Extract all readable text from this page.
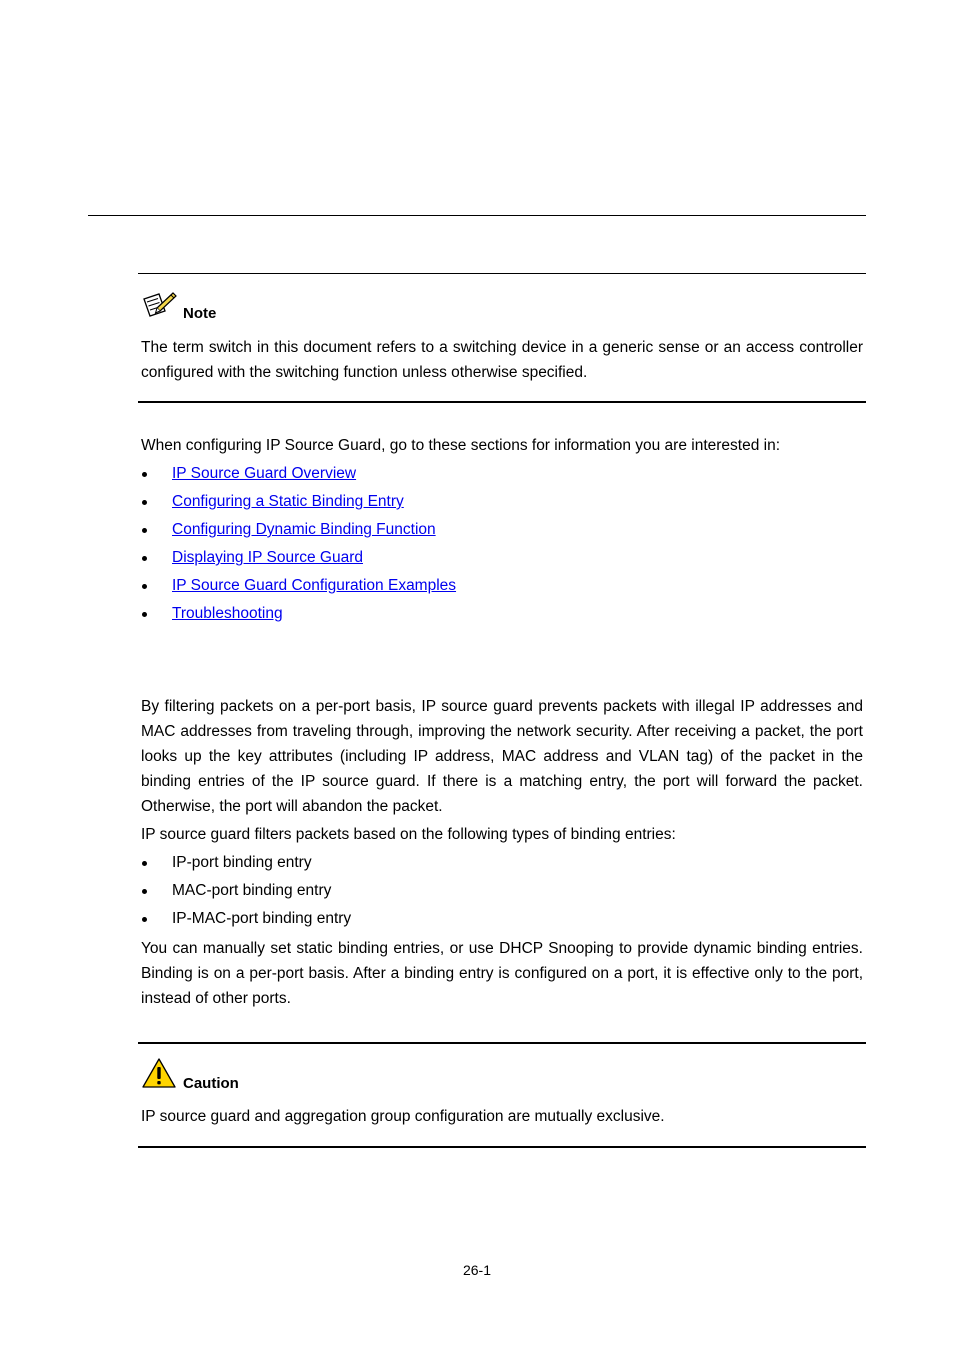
Note

The term switch in this document refers to a switching device in a generic sense or an access controller configured with the switching function unless otherwise specified.

When configuring IP Source Guard, go to these sections for information you are interested in:

IP Source Guard Overview
Configuring a Static Binding Entry
Configuring Dynamic Binding Function
Displaying IP Source Guard
IP Source Guard Configuration Examples
Troubleshooting

By filtering packets on a per-port basis, IP source guard prevents packets with illegal IP addresses and MAC addresses from traveling through, improving the network security. After receiving a packet, the port looks up the key attributes (including IP address, MAC address and VLAN tag) of the packet in the binding entries of the IP source guard. If there is a matching entry, the port will forward the packet. Otherwise, the port will abandon the packet.

IP source guard filters packets based on the following types of binding entries:

IP-port binding entry
MAC-port binding entry
IP-MAC-port binding entry

You can manually set static binding entries, or use DHCP Snooping to provide dynamic binding entries. Binding is on a per-port basis. After a binding entry is configured on a port, it is effective only to the port, instead of other ports.

Caution

IP source guard and aggregation group configuration are mutually exclusive.

26-1
